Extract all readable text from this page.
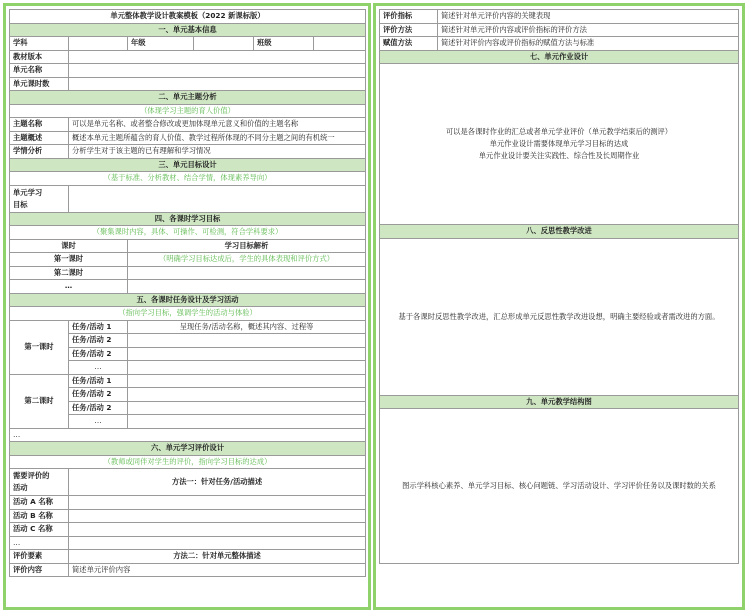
单元整体教学设计教案模板（2022 新课标版）					
一、单元基本信息					
学科		年级		班级	
教材版本					
单元名称					
单元课时数					
二、单元主题分析					
（体现学习主题的育人价值）					
主题名称	可以是单元名称、或者整合修改或更加体现单元意义和价值的主题名称				
主题概述	概述本单元主题所蕴含的育人价值、教学过程所体现的不同分主题之间的有机统一				
学情分析	分析学生对于该主题的已有理解和学习情况				
三、单元目标设计					
（基于标准、分析教材、结合学情，体现素养导向）					
单元学习
目标					
四、各课时学习目标					
（聚集课时内容，具体、可操作、可检测，符合学科要求）					
课时		学习目标解析			
第一课时		（明确学习目标达成后，学生的具体表现和评价方式）			
第二课时					
…					
五、各课时任务设计及学习活动					
（指向学习目标，强调学生的活动与体验）					
第一课时	任务/活动 1	呈现任务/活动名称，概述其内容、过程等			
	任务/活动 2				
	任务/活动 2				
	…				
第二课时	任务/活动 1				
	任务/活动 2				
	任务/活动 2				
	…				
…					
六、单元学习评价设计					
（教师或同伴对学生的评价，指向学习目标的达成）					
需要评价的
活动	方法一：针对任务/活动描述				
活动 A 名称					
活动 B 名称					
活动 C 名称					
…					
评价要素	方法二：针对单元整体描述				
评价内容	简述单元评价内容				
评价指标	简述针对单元评价内容的关键表现
评价方法	简述针对单元评价内容或评价指标的评价方法
赋值方法	简述针对评价内容或评价指标的赋值方法与标准
七、单元作业设计	

可以是各课时作业的汇总或者单元学业评价（单元教学结束后的测评）
单元作业设计需要体现单元学习目标的达成
单元作业设计要关注实践性、综合性及长周期作业	

八、反思性教学改进	

基于各课时反思性教学改进，汇总形成单元反思性教学改进设想，明确主要经验或者需改进的方面。	

九、单元教学结构图	

图示学科核心素养、单元学习目标、核心问题链、学习活动设计、学习评价任务以及课时数的关系	
